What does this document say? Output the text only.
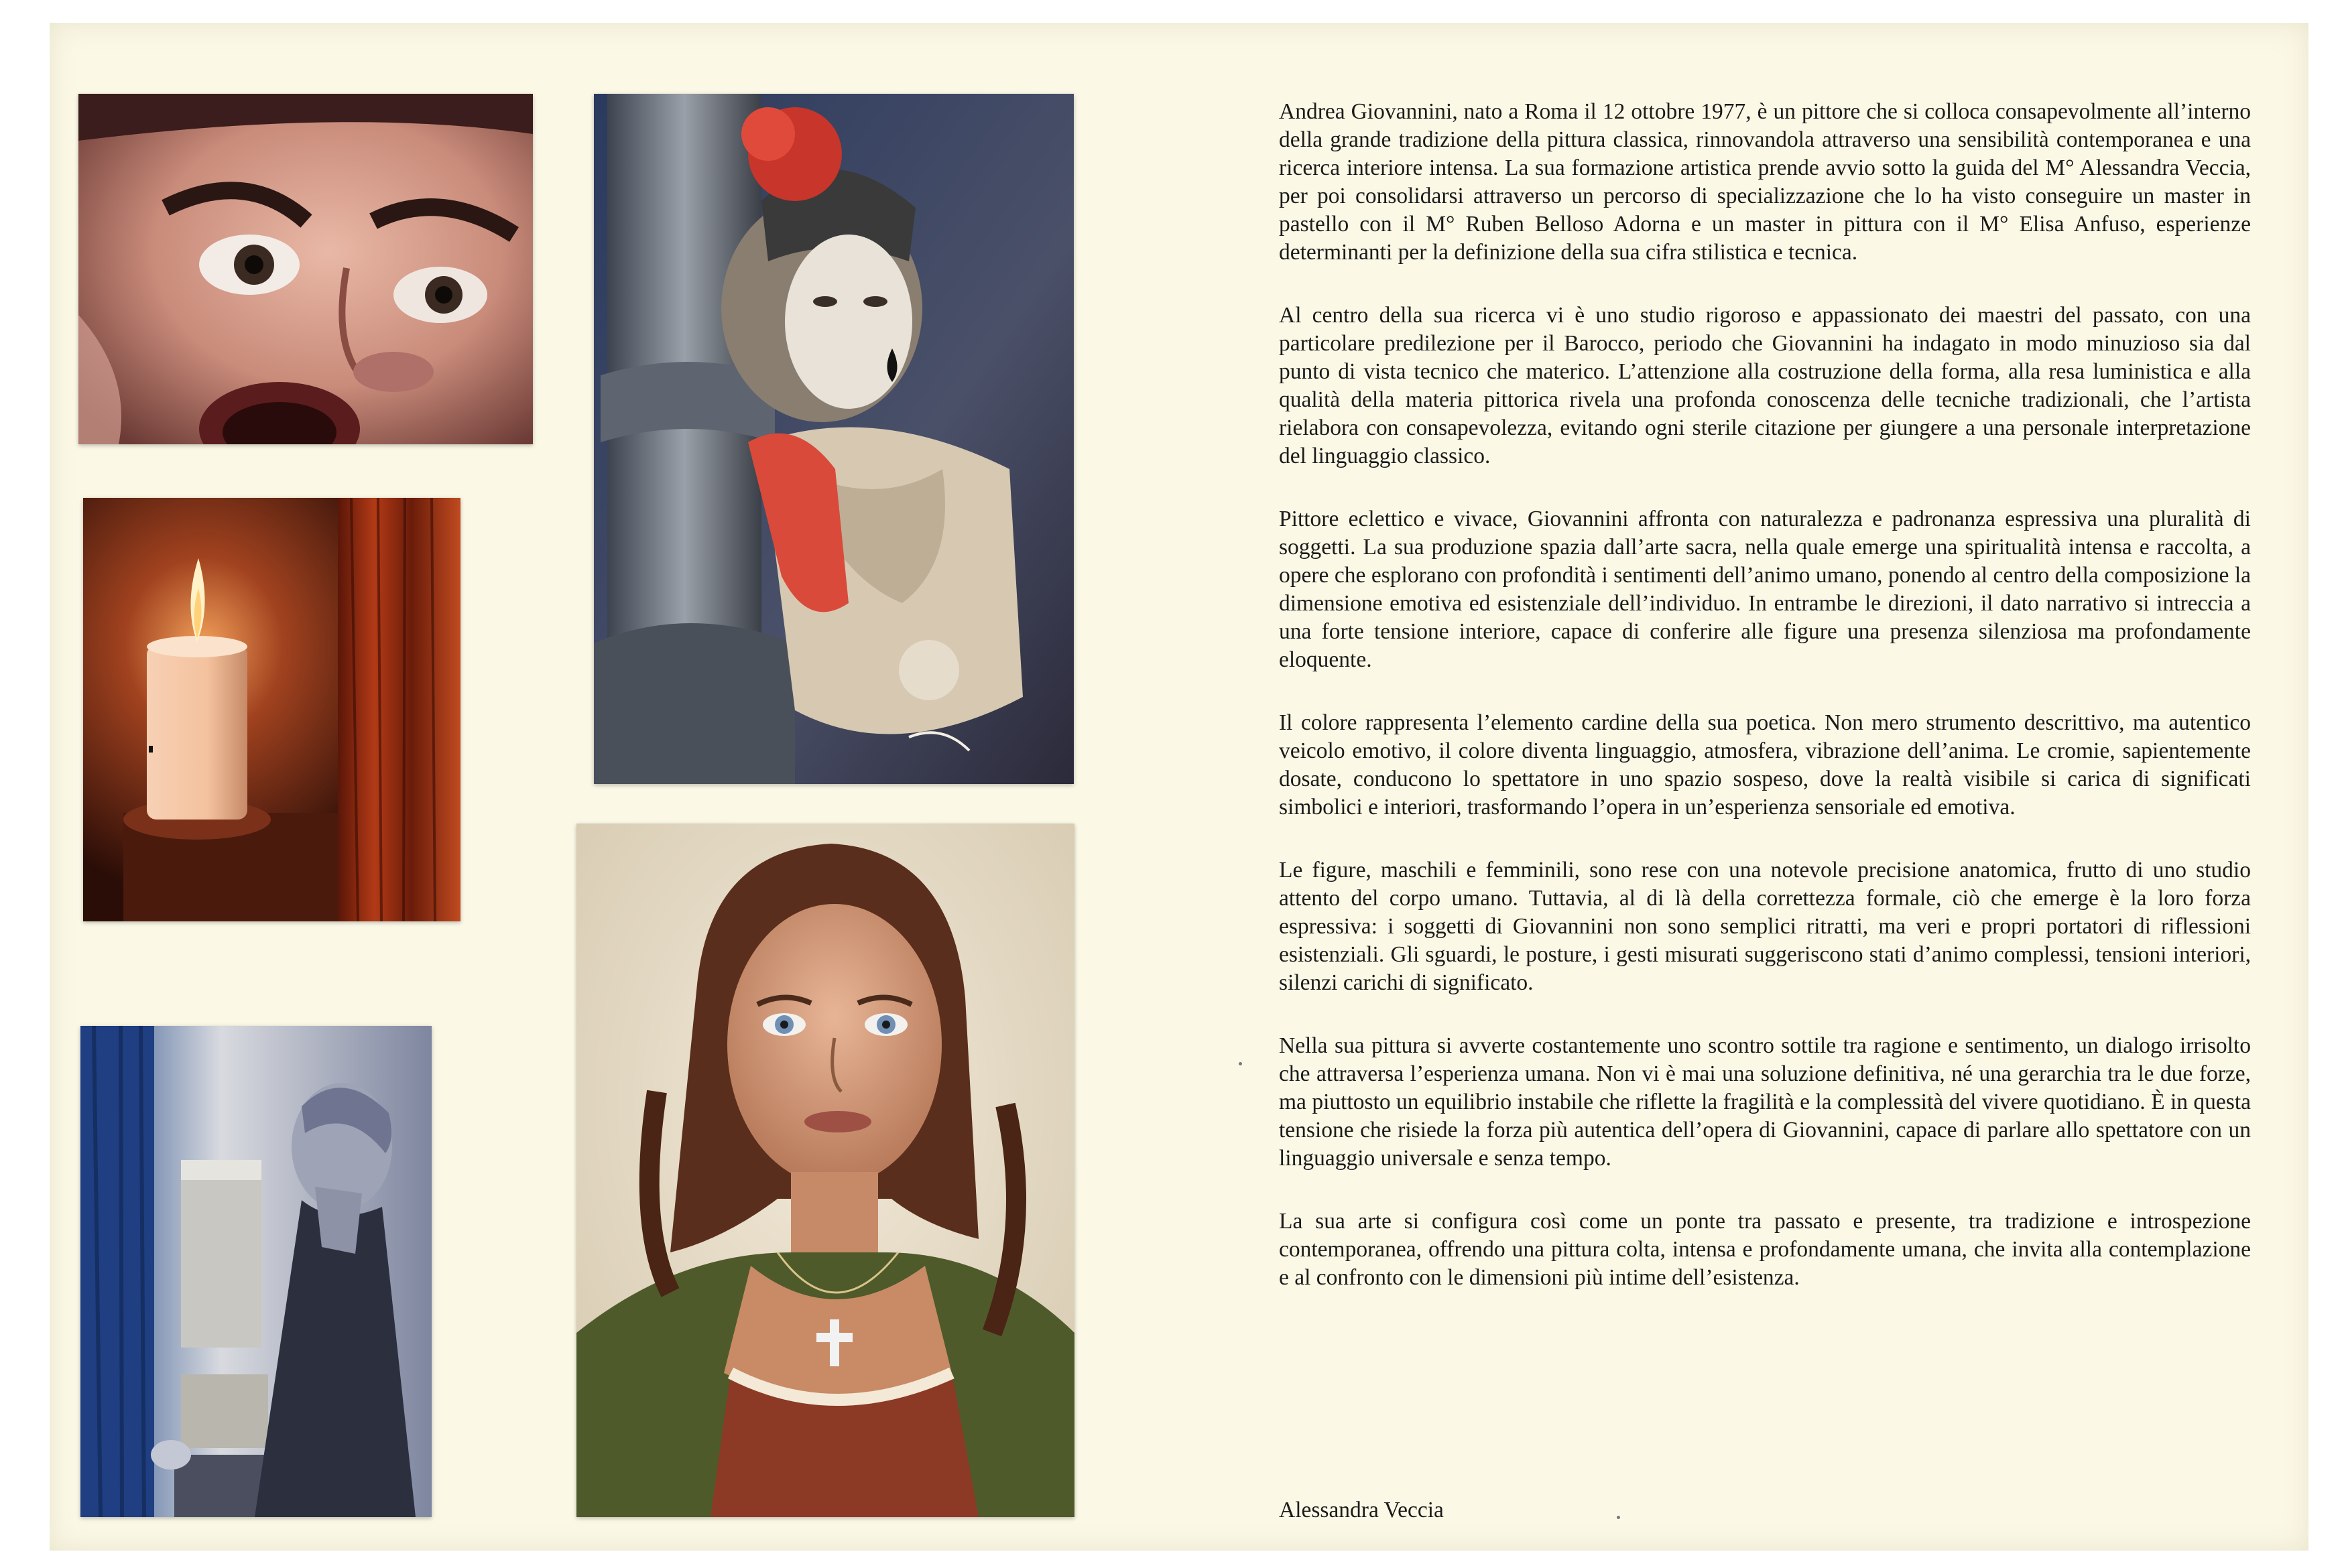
Andrea Giovannini, nato a Roma il 12 ottobre 1977, è un pittore che si colloca consapevolmente all’interno della grande tradizione della pittura classica, rinnovandola attraverso una sensibilità contemporanea e una ricerca interiore intensa. La sua formazione artistica prende avvio sotto la guida del M° Alessandra Veccia, per poi consolidarsi attraverso un percorso di specializzazione che lo ha visto conseguire un master in pastello con il M° Ruben Belloso Adorna e un master in pittura con il M° Elisa Anfuso, esperienze determinanti per la definizione della sua cifra stilistica e tecnica.

Al centro della sua ricerca vi è uno studio rigoroso e appassionato dei maestri del passato, con una particolare predilezione per il Barocco, periodo che Giovannini ha indagato in modo minuzioso sia dal punto di vista tecnico che materico. L’attenzione alla costruzione della forma, alla resa luministica e alla qualità della materia pittorica rivela una profonda conoscenza delle tecniche tradizionali, che l’artista rielabora con consapevolezza, evitando ogni sterile citazione per giungere a una personale interpretazione del linguaggio classico.

Pittore eclettico e vivace, Giovannini affronta con naturalezza e padronanza espressiva una pluralità di soggetti. La sua produzione spazia dall’arte sacra, nella quale emerge una spiritualità intensa e raccolta, a opere che esplorano con profondità i sentimenti dell’animo umano, ponendo al centro della composizione la dimensione emotiva ed esistenziale dell’individuo. In entrambe le direzioni, il dato narrativo si intreccia a una forte tensione interiore, capace di conferire alle figure una presenza silenziosa ma profondamente eloquente.

Il colore rappresenta l’elemento cardine della sua poetica. Non mero strumento descrittivo, ma autentico veicolo emotivo, il colore diventa linguaggio, atmosfera, vibrazione dell’anima. Le cromie, sapientemente dosate, conducono lo spettatore in uno spazio sospeso, dove la realtà visibile si carica di significati simbolici e interiori, trasformando l’opera in un’esperienza sensoriale ed emotiva.

Le figure, maschili e femminili, sono rese con una notevole precisione anatomica, frutto di uno studio attento del corpo umano. Tuttavia, al di là della correttezza formale, ciò che emerge è la loro forza espressiva: i soggetti di Giovannini non sono semplici ritratti, ma veri e propri portatori di riflessioni esistenziali. Gli sguardi, le posture, i gesti misurati suggeriscono stati d’animo complessi, tensioni interiori, silenzi carichi di significato.

Nella sua pittura si avverte costantemente uno scontro sottile tra ragione e sentimento, un dialogo irrisolto che attraversa l’esperienza umana. Non vi è mai una soluzione definitiva, né una gerarchia tra le due forze, ma piuttosto un equilibrio instabile che riflette la fragilità e la complessità del vivere quotidiano. È in questa tensione che risiede la forza più autentica dell’opera di Giovannini, capace di parlare allo spettatore con un linguaggio universale e senza tempo.

La sua arte si configura così come un ponte tra passato e presente, tra tradizione e introspezione contemporanea, offrendo una pittura colta, intensa e profondamente umana, che invita alla contemplazione e al confronto con le dimensioni più intime dell’esistenza.

Alessandra Veccia
